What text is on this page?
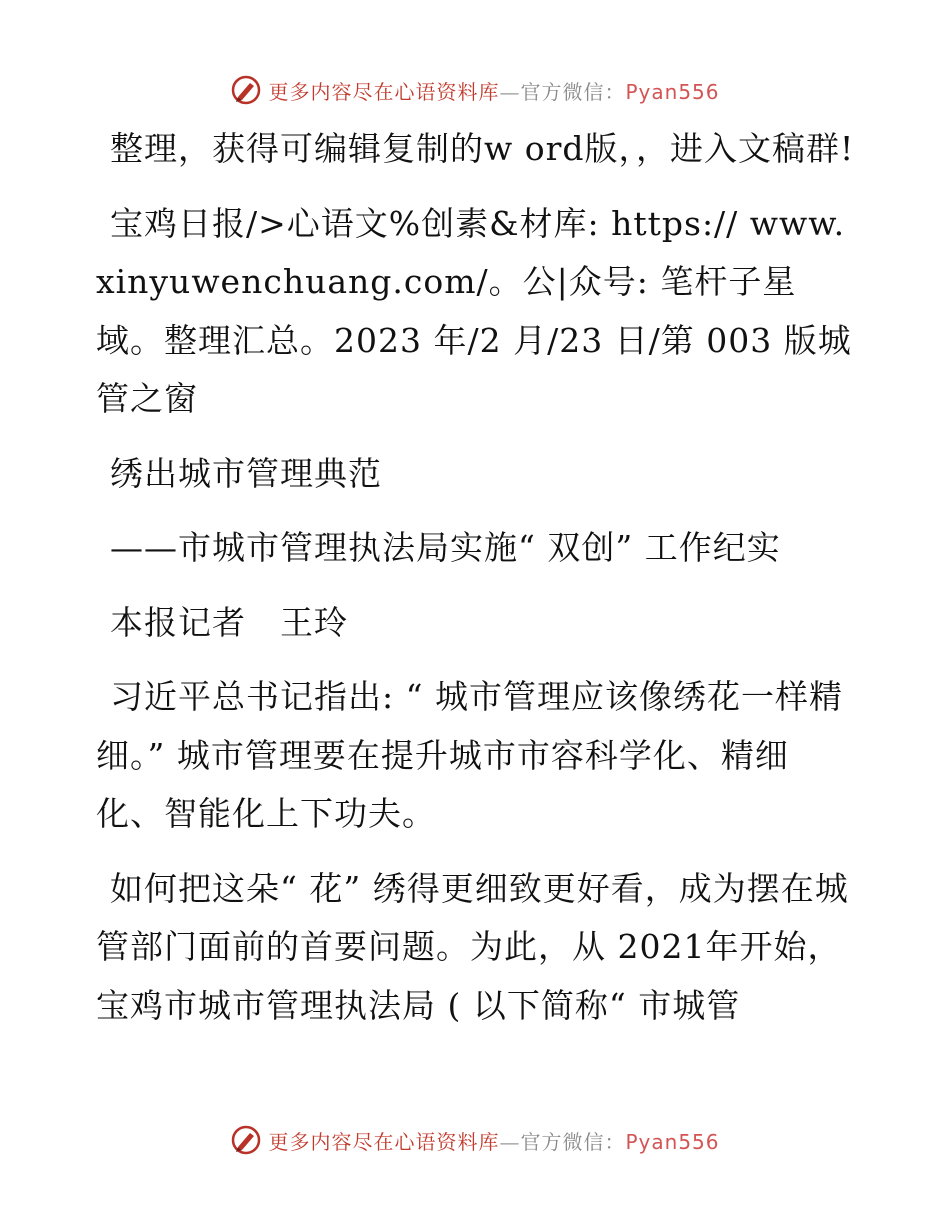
更多内容尽在心语资料库—官方微信：Pyan556

整理，获得可编辑复制的w ord版，，进入文稿群!

宝鸡日报/>心语文%创素&材库: https:// www.xinyuwenchuang.com/。公|众号: 笔杆子星域。整理汇总。2023 年/2 月/23 日/第 003 版城管之窗

绣出城市管理典范

——市城市管理执法局实施“ 双创” 工作纪实

本报记者　王玲

习近平总书记指出: “ 城市管理应该像绣花一样精细。” 城市管理要在提升城市市容科学化、精细化、智能化上下功夫。

如何把这朵“ 花” 绣得更细致更好看，成为摆在城管部门面前的首要问题。为此，从 2021年开始，宝鸡市城市管理执法局 ( 以下简称“ 市城管

更多内容尽在心语资料库—官方微信：Pyan556
